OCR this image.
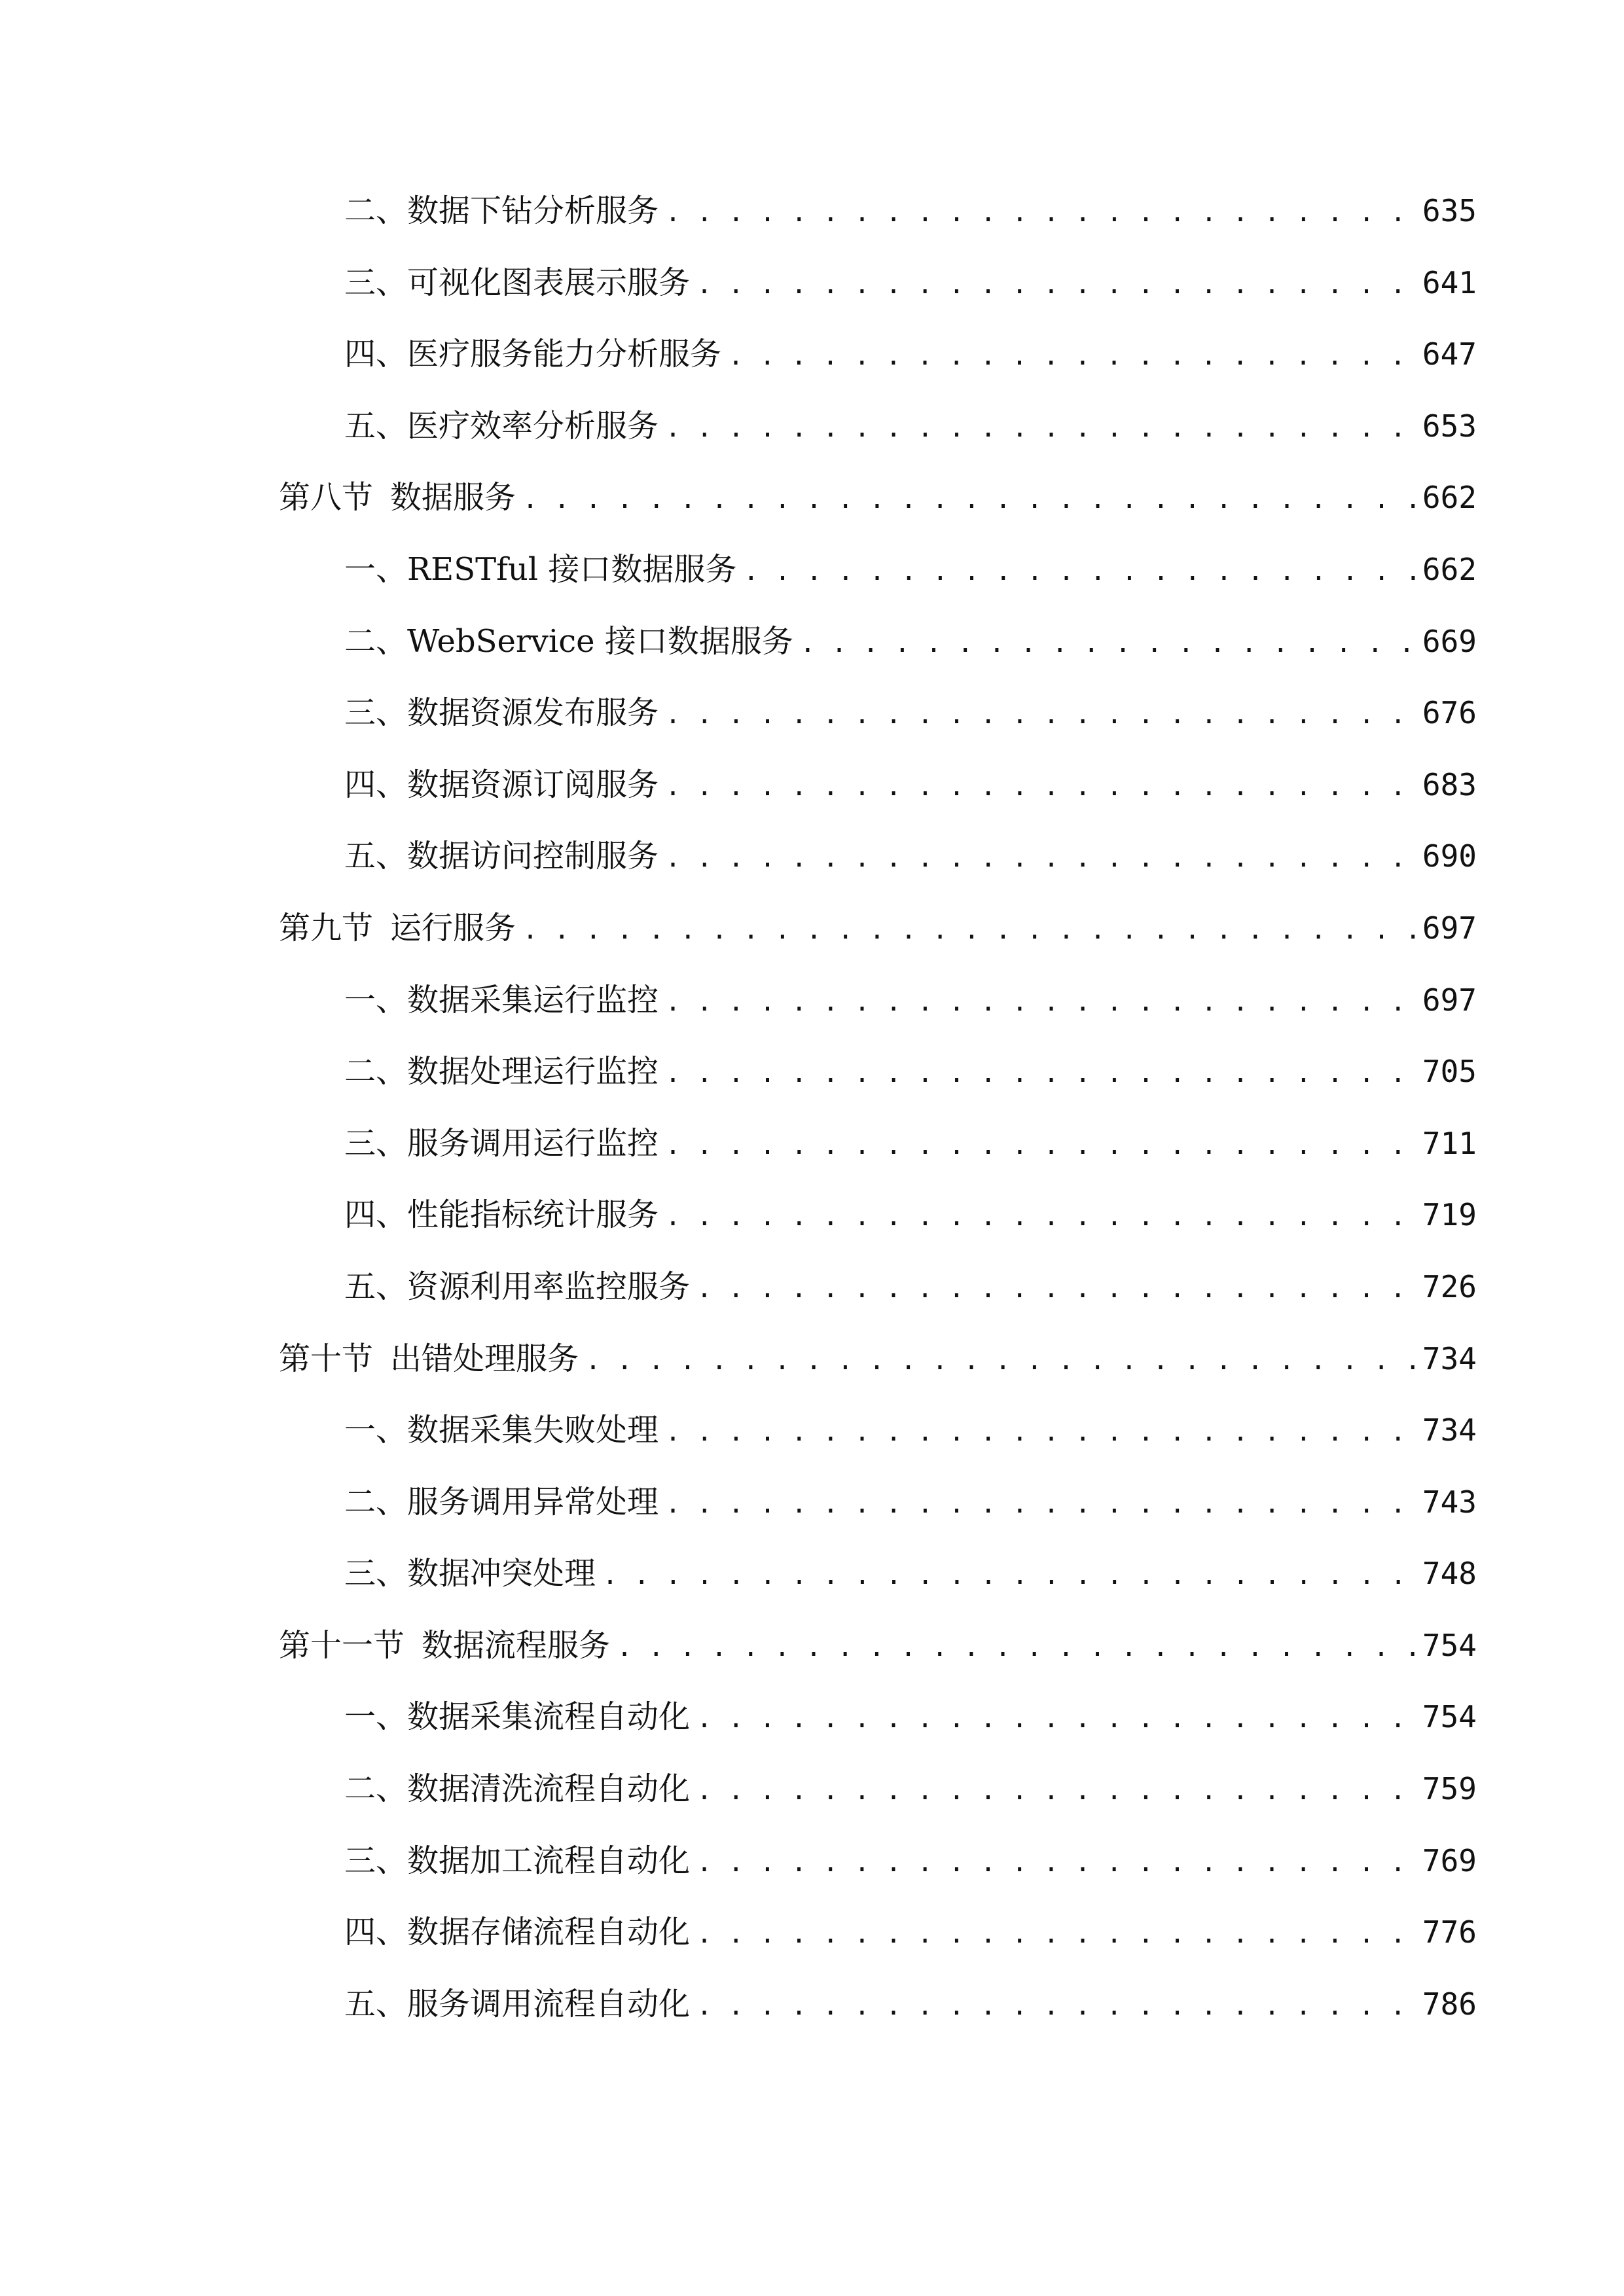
二、 数据下钻分析服务 . . .	635
三、 可视化图表展示服务 . . .	641
四、 医疗服务能力分析服务 . . .	647
五、 医疗效率分析服务 . . .	653
第八节 数据服务 . . .	662
一、 RESTful 接口数据服务 . . .	662
二、 WebService 接口数据服务 . . .	669
三、 数据资源发布服务 . . .	676
四、 数据资源订阅服务 . . .	683
五、 数据访问控制服务 . . .	690
第九节 运行服务 . . .	697
一、 数据采集运行监控 . . .	697
二、 数据处理运行监控 . . .	705
三、 服务调用运行监控 . . .	711
四、 性能指标统计服务 . . .	719
五、 资源利用率监控服务 . . .	726
第十节 出错处理服务 . . .	734
一、 数据采集失败处理 . . .	734
二、 服务调用异常处理 . . .	743
三、 数据冲突处理 . . .	748
第十一节 数据流程服务 . . .	754
一、 数据采集流程自动化 . . .	754
二、 数据清洗流程自动化 . . .	759
三、 数据加工流程自动化 . . .	769
四、 数据存储流程自动化 . . .	776
五、 服务调用流程自动化 . . .	786
